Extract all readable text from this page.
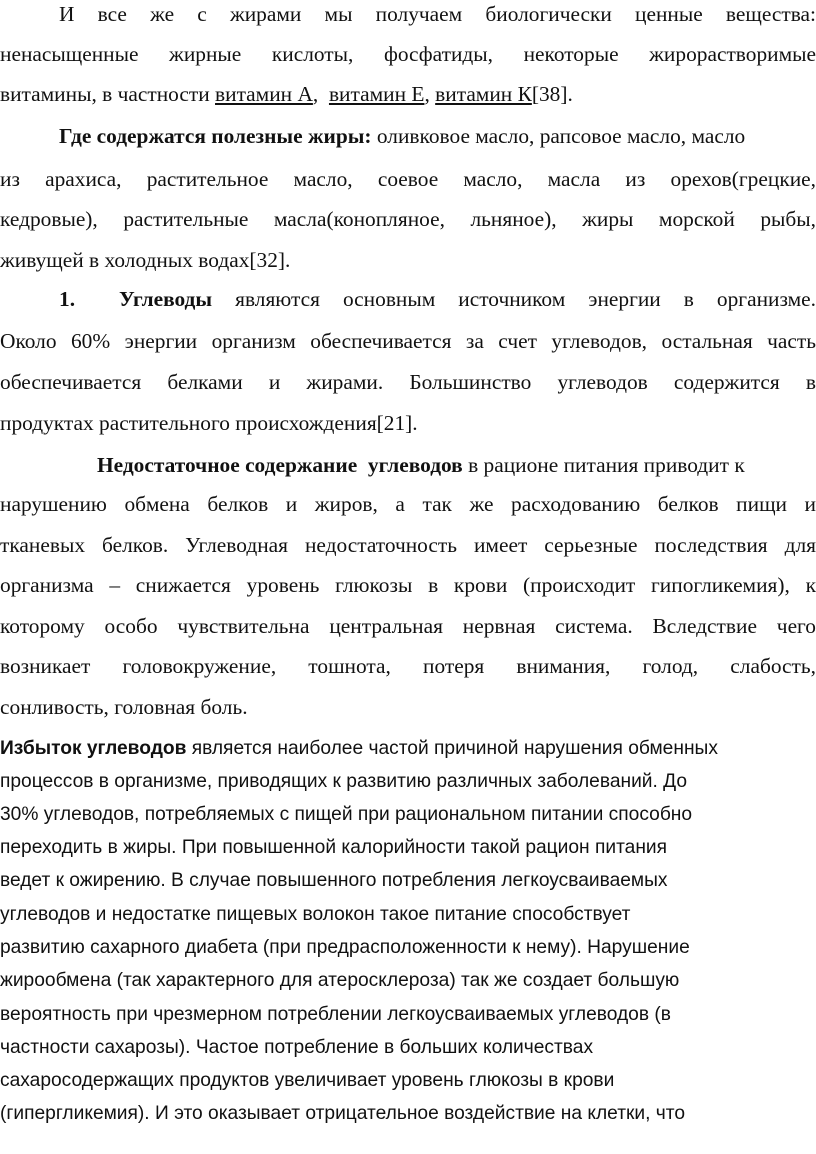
И все же с жирами мы получаем биологически ценные вещества:
ненасыщенные жирные кислоты, фосфатиды, некоторые жирорастворимые
витамины, в частности витамин А,  витамин Е, витамин К[38].
Где содержатся полезные жиры: оливковое масло, рапсовое масло, масло
из арахиса, растительное масло, соевое масло, масла из орехов(грецкие,
кедровые), растительные масла(конопляное, льняное), жиры морской рыбы,
живущей в холодных водах[32].
1.	Углеводы являются основным источником энергии в организме.
Около 60% энергии организм обеспечивается за счет углеводов, остальная часть
обеспечивается белками и жирами. Большинство углеводов содержится в
продуктах растительного происхождения[21].
Недостаточное содержание  углеводов в рационе питания приводит к
нарушению обмена белков и жиров, а так же расходованию белков пищи и
тканевых белков. Углеводная недостаточность имеет серьезные последствия для
организма – снижается уровень глюкозы в крови (происходит гипогликемия), к
которому особо чувствительна центральная нервная система. Вследствие чего
возникает головокружение, тошнота, потеря внимания, голод, слабость,
сонливость, головная боль.
Избыток углеводов является наиболее частой причиной нарушения обменных
процессов в организме, приводящих к развитию различных заболеваний. До
30% углеводов, потребляемых с пищей при рациональном питании способно
переходить в жиры. При повышенной калорийности такой рацион питания
ведет к ожирению. В случае повышенного потребления легкоусваиваемых
углеводов и недостатке пищевых волокон такое питание способствует
развитию сахарного диабета (при предрасположенности к нему). Нарушение
жирообмена (так характерного для атеросклероза) так же создает большую
вероятность при чрезмерном потреблении легкоусваиваемых углеводов (в
частности сахарозы). Частое потребление в больших количествах
сахаросодержащих продуктов увеличивает уровень глюкозы в крови
(гипергликемия). И это оказывает отрицательное воздействие на клетки, что
